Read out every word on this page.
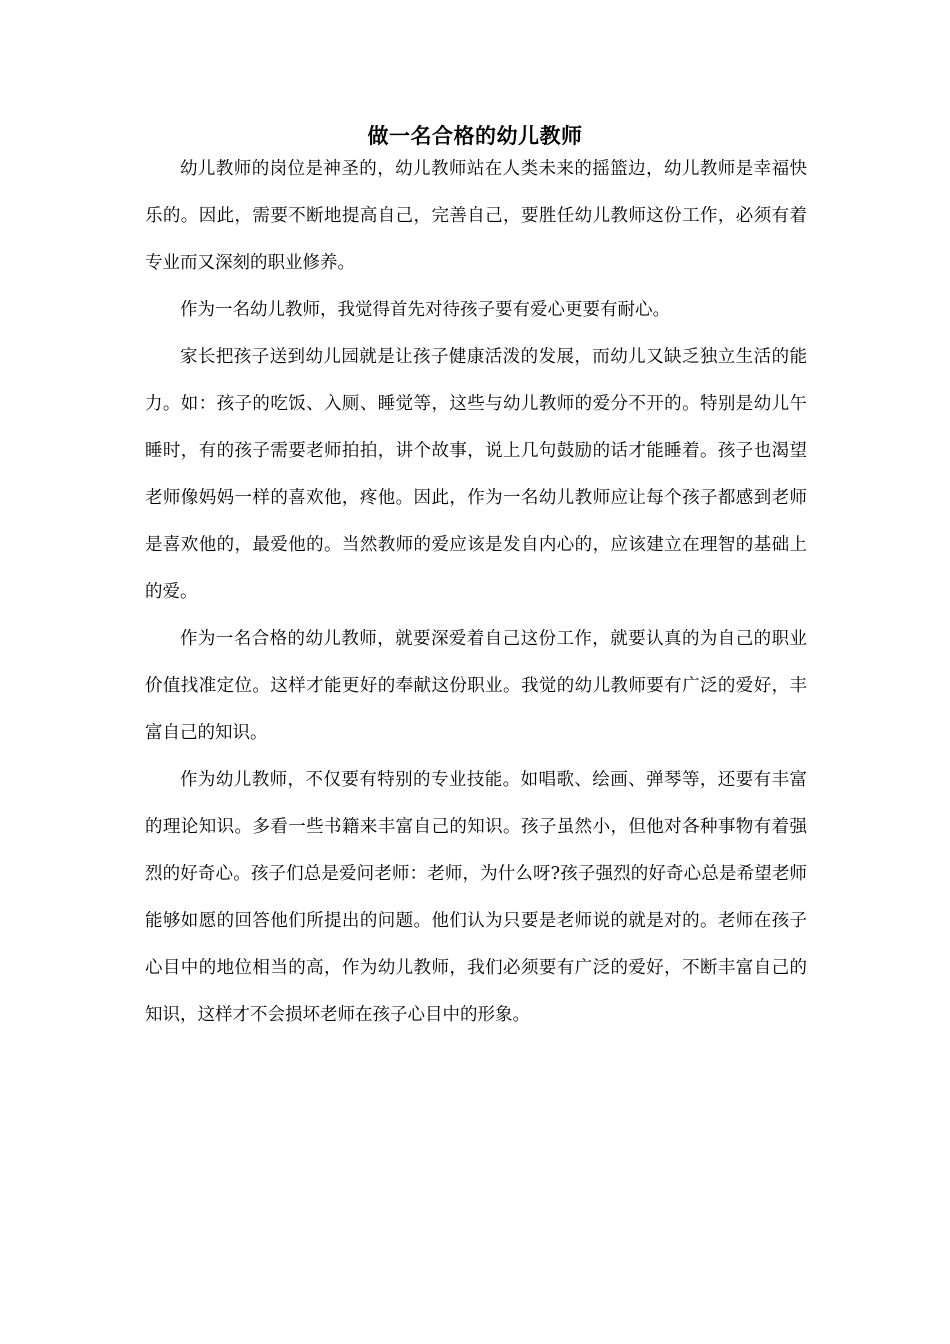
做一名合格的幼儿教师

幼儿教师的岗位是神圣的，幼儿教师站在人类未来的摇篮边，幼儿教师是幸福快乐的。因此，需要不断地提高自己，完善自己，要胜任幼儿教师这份工作，必须有着专业而又深刻的职业修养。

作为一名幼儿教师，我觉得首先对待孩子要有爱心更要有耐心。

家长把孩子送到幼儿园就是让孩子健康活泼的发展，而幼儿又缺乏独立生活的能力。如：孩子的吃饭、入厕、睡觉等，这些与幼儿教师的爱分不开的。特别是幼儿午睡时，有的孩子需要老师拍拍，讲个故事，说上几句鼓励的话才能睡着。孩子也渴望老师像妈妈一样的喜欢他，疼他。因此，作为一名幼儿教师应让每个孩子都感到老师是喜欢他的，最爱他的。当然教师的爱应该是发自内心的，应该建立在理智的基础上的爱。

作为一名合格的幼儿教师，就要深爱着自己这份工作，就要认真的为自己的职业价值找准定位。这样才能更好的奉献这份职业。我觉的幼儿教师要有广泛的爱好，丰富自己的知识。

作为幼儿教师，不仅要有特别的专业技能。如唱歌、绘画、弹琴等，还要有丰富的理论知识。多看一些书籍来丰富自己的知识。孩子虽然小，但他对各种事物有着强烈的好奇心。孩子们总是爱问老师：老师，为什么呀?孩子强烈的好奇心总是希望老师能够如愿的回答他们所提出的问题。他们认为只要是老师说的就是对的。老师在孩子心目中的地位相当的高，作为幼儿教师，我们必须要有广泛的爱好，不断丰富自己的知识，这样才不会损坏老师在孩子心目中的形象。
